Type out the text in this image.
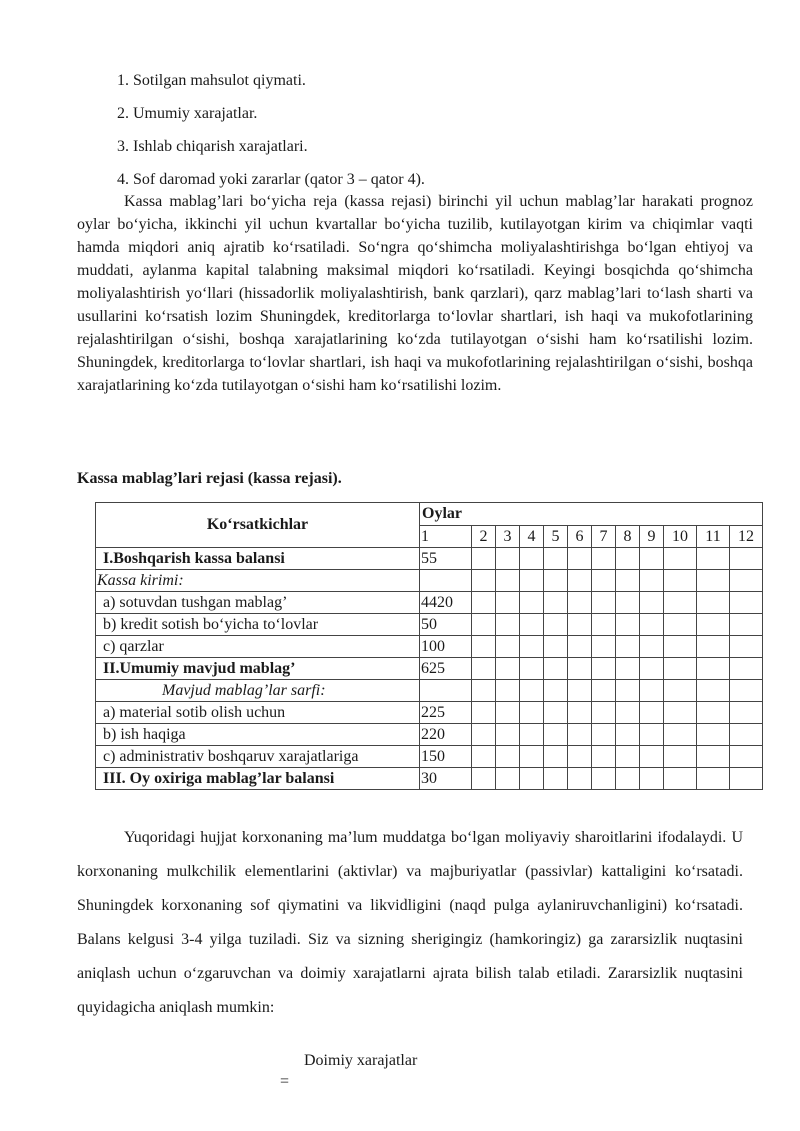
1. Sotilgan mahsulot qiymati.
2. Umumiy xarajatlar.
3. Ishlab chiqarish xarajatlari.
4. Sof daromad yoki zararlar (qator 3 – qator 4).

Kassa mablag’lari bo‘yicha reja (kassa rejasi) birinchi yil uchun mablag’lar harakati prognoz oylar bo‘yicha, ikkinchi yil uchun kvartallar bo‘yicha tuzilib, kutilayotgan kirim va chiqimlar vaqti hamda miqdori aniq ajratib ko‘rsatiladi. So‘ngra qo‘shimcha moliyalashtirishga bo‘lgan ehtiyoj va muddati, aylanma kapital talabning maksimal miqdori ko‘rsatiladi. Keyingi bosqichda qo‘shimcha moliyalashtirish yo‘llari (hissadorlik moliyalashtirish, bank qarzlari), qarz mablag’lari to‘lash sharti va usullarini ko‘rsatish lozim Shuningdek, kreditorlarga to‘lovlar shartlari, ish haqi va mukofotlarining rejalashtirilgan o‘sishi, boshqa xarajatlarining ko‘zda tutilayotgan o‘sishi ham ko‘rsatilishi lozim. Shuningdek, kreditorlarga to‘lovlar shartlari, ish haqi va mukofotlarining rejalashtirilgan o‘sishi, boshqa xarajatlarining ko‘zda tutilayotgan o‘sishi ham ko‘rsatilishi lozim.

Kassa mablag’lari rejasi (kassa rejasi).

Ko‘rsatkichlar	Oylar											
	1	2	3	4	5	6	7	8	9	10	11	12
I.Boshqarish kassa balansi	55											
Kassa kirimi:												
a) sotuvdan tushgan mablag’	4420											
b) kredit sotish bo‘yicha to‘lovlar	50											
c) qarzlar	100											
II.Umumiy mavjud mablag’	625											
Mavjud mablag’lar sarfi:												
a) material sotib olish uchun	225											
b) ish haqiga	220											
c) administrativ boshqaruv xarajatlariga	150											
III. Oy oxiriga mablag’lar balansi	30											

Yuqoridagi hujjat korxonaning ma’lum muddatga bo‘lgan moliyaviy sharoitlarini ifodalaydi. U korxonaning mulkchilik elementlarini (aktivlar) va majburiyatlar (passivlar) kattaligini ko‘rsatadi. Shuningdek korxonaning sof qiymatini va likvidligini (naqd pulga aylaniruvchanligini) ko‘rsatadi. Balans kelgusi 3-4 yilga tuziladi. Siz va sizning sherigingiz (hamkoringiz) ga zararsizlik nuqtasini aniqlash uchun o‘zgaruvchan va doimiy xarajatlarni ajrata bilish talab etiladi. Zararsizlik nuqtasini quyidagicha aniqlash mumkin:

Doimiy xarajatlar
=
